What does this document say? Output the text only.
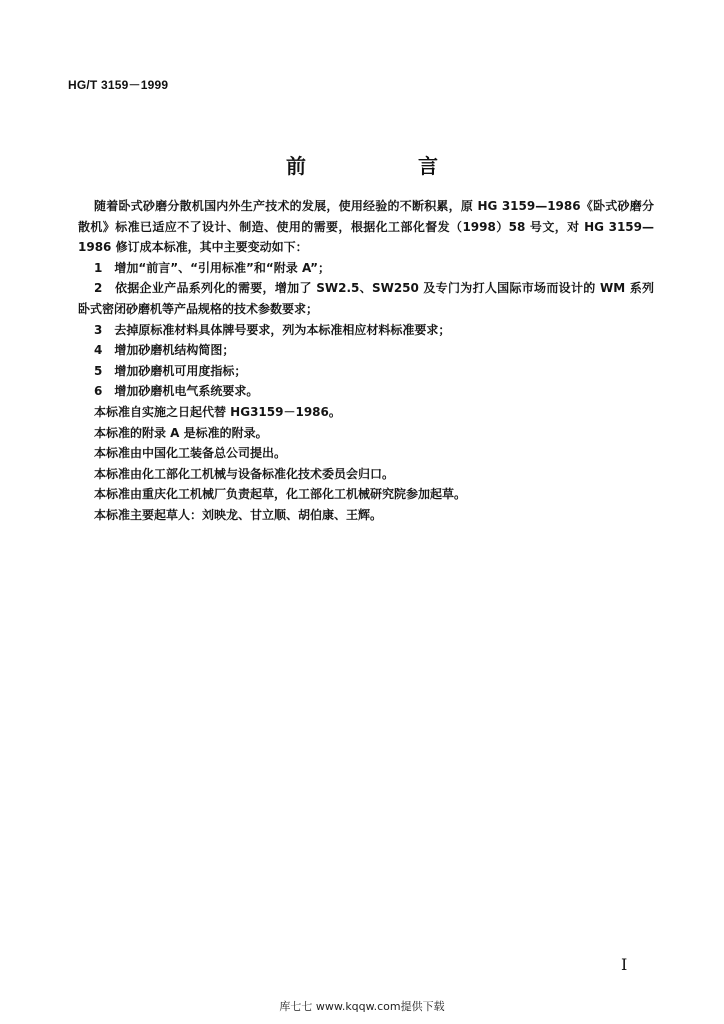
HG/T 3159－1999
前　言

随着卧式砂磨分散机国内外生产技术的发展，使用经验的不断积累，原 HG 3159—1986《卧式砂磨分散机》标准已适应不了设计、制造、使用的需要，根据化工部化督发（1998）58 号文，对 HG 3159—1986 修订成本标准，其中主要变动如下：

1　增加“前言”、“引用标准”和“附录 A”；

2　依据企业产品系列化的需要，增加了 SW2.5、SW250 及专门为打人国际市场而设计的 WM 系列卧式密闭砂磨机等产品规格的技术参数要求；

3　去掉原标准材料具体牌号要求，列为本标准相应材料标准要求；

4　增加砂磨机结构简图；

5　增加砂磨机可用度指标；

6　增加砂磨机电气系统要求。

本标准自实施之日起代替 HG3159－1986。

本标准的附录 A 是标准的附录。

本标准由中国化工装备总公司提出。

本标准由化工部化工机械与设备标准化技术委员会归口。

本标准由重庆化工机械厂负责起草，化工部化工机械研究院参加起草。

本标准主要起草人：刘映龙、甘立顺、胡伯康、王辉。

I
库七七 www.kqqw.com提供下载
